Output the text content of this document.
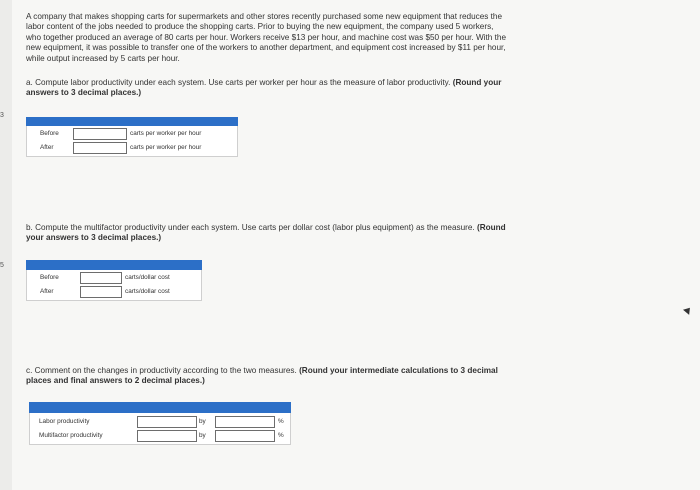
3
5
A company that makes shopping carts for supermarkets and other stores recently purchased some new equipment that reduces the
labor content of the jobs needed to produce the shopping carts. Prior to buying the new equipment, the company used 5 workers,
who together produced an average of 80 carts per hour. Workers receive $13 per hour, and machine cost was $50 per hour. With the
new equipment, it was possible to transfer one of the workers to another department, and equipment cost increased by $11 per hour,
while output increased by 5 carts per hour.
a. Compute labor productivity under each system. Use carts per worker per hour as the measure of labor productivity. (Round your
answers to 3 decimal places.)
Before	carts per worker per hour
After	carts per worker per hour
b. Compute the multifactor productivity under each system. Use carts per dollar cost (labor plus equipment) as the measure. (Round
your answers to 3 decimal places.)
Before	carts/dollar cost
After	carts/dollar cost
c. Comment on the changes in productivity according to the two measures. (Round your intermediate calculations to 3 decimal
places and final answers to 2 decimal places.)
Labor productivity	by	%
Multifactor productivity	by	%
